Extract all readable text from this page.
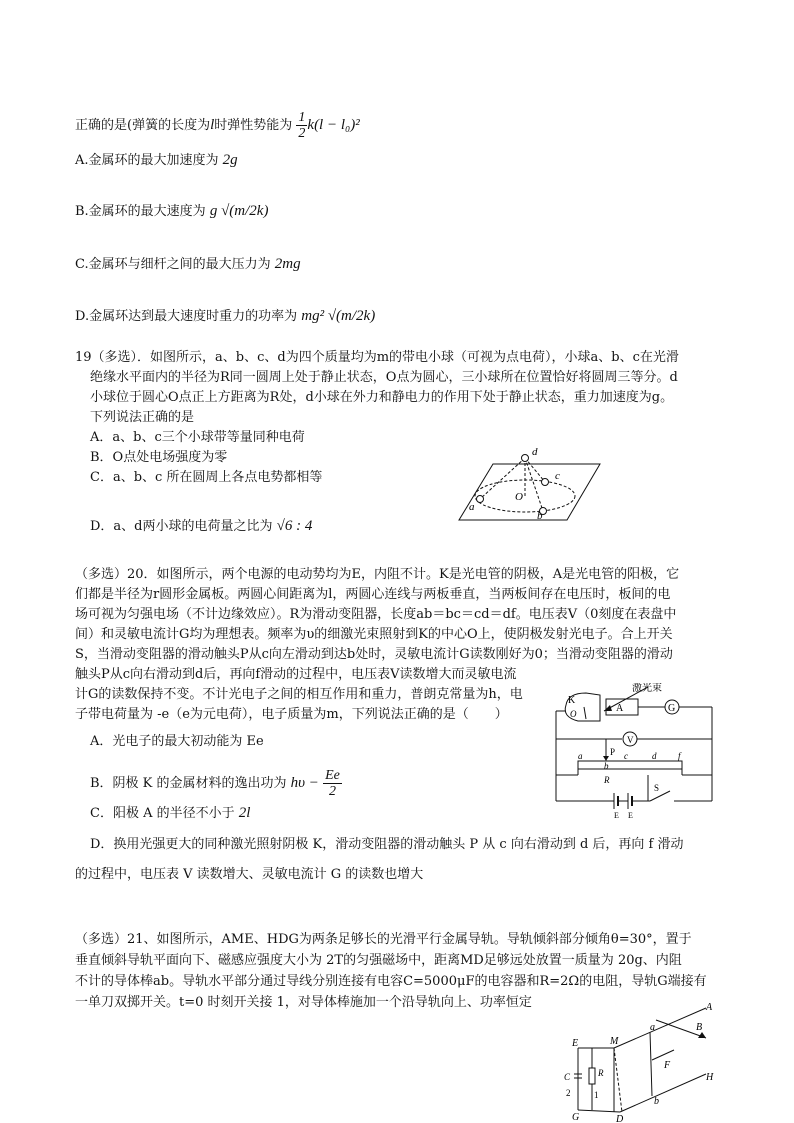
正确的是(弹簧的长度为l时弹性势能为 $\frac{1}{2} k(l - l_0)^2$
A.金属环的最大加速度为 2g
B.金属环的最大速度为 g √(m/2k)
C.金属环与细杆之间的最大压力为 2mg
D.金属环达到最大速度时重力的功率为 mg² √(m/2k)
19（多选）．如图所示，a、b、c、d为四个质量均为m的带电小球（可视为点电荷），小球a、b、c在光滑
绝缘水平面内的半径为R同一圆周上处于静止状态，O点为圆心，三小球所在位置恰好将圆周三等分。d
小球位于圆心O点正上方距离为R处，d小球在外力和静电力的作用下处于静止状态，重力加速度为g。
下列说法正确的是
A．a、b、c三个小球带等量同种电荷
B．O点处电场强度为零
C．a、b、c 所在圆周上各点电势都相等
D．a、d两小球的电荷量之比为 √6 : 4
d
c
O
a
b
（多选）20．如图所示，两个电源的电动势均为E，内阻不计。K是光电管的阴极，A是光电管的阳极，它
们都是半径为r圆形金属板。两圆心间距离为l，两圆心连线与两板垂直，当两板间存在电压时，板间的电
场可视为匀强电场（不计边缘效应）。R为滑动变阻器，长度ab＝bc＝cd＝df。电压表V（0刻度在表盘中
间）和灵敏电流计G均为理想表。频率为υ的细激光束照射到K的中心O上，使阴极发射光电子。合上开关
S，当滑动变阻器的滑动触头P从c向左滑动到达b处时，灵敏电流计G读数刚好为0；当滑动变阻器的滑动
触头P从c向右滑动到d后，再向f滑动的过程中，电压表V读数增大而灵敏电流
计G的读数保持不变。不计光电子之间的相互作用和重力，普朗克常量为h，电
子带电荷量为 -e（e为元电荷），电子质量为m，下列说法正确的是（　　）
A．光电子的最大初动能为 Ee
B．阴极 K 的金属材料的逸出功为 $h\upsilon - \frac{Ee}{2}$
C．阳极 A 的半径不小于 2l
D．换用光强更大的同种激光照射阴极 K，滑动变阻器的滑动触头 P 从 c 向右滑动到 d 后，再向 f 滑动
的过程中，电压表 V 读数增大、灵敏电流计 G 的读数也增大
K
激光束
O	A	G
V
P
a
b
c	d f
R
E E
S
（多选）21、如图所示，AME、HDG为两条足够长的光滑平行金属导轨。导轨倾斜部分倾角θ=30°，置于
垂直倾斜导轨平面向下、磁感应强度大小为 2T的匀强磁场中，距离MD足够远处放置一质量为 20g、内阻
不计的导体棒ab。导轨水平部分通过导线分别连接有电容C=5000μF的电容器和R=2Ω的电阻，导轨G端接有
一单刀双掷开关。t=0 时刻开关接 1，对导体棒施加一个沿导轨向上、功率恒定	A
B
E	M
a
F
H
C	R
2	1
b
G	D
